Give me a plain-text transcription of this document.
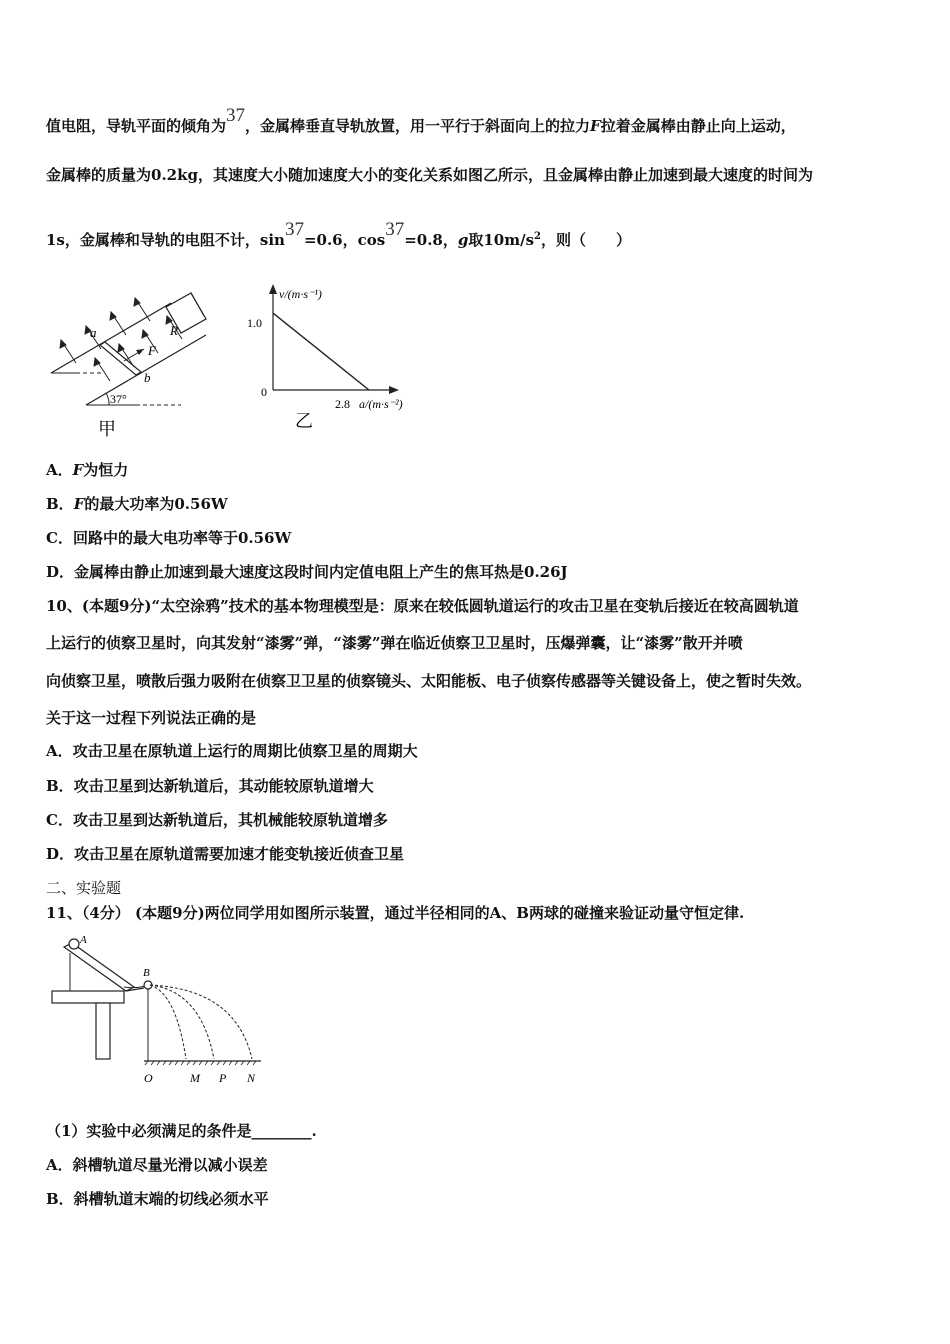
值电阻，导轨平面的倾角为37，金属棒垂直导轨放置，用一平行于斜面向上的拉力F拉着金属棒由静止向上运动，
金属棒的质量为0.2kg，其速度大小随加速度大小的变化关系如图乙所示，且金属棒由静止加速到最大速度的时间为
1s，金属棒和导轨的电阻不计，sin37=0.6，cos37=0.8，g取$10m/s^2$，则（　　）
a
b
R
F
37°
甲
v/(m·s⁻¹)
1.0
0
2.8 a/(m·s⁻²)
乙
A．F为恒力
B．F的最大功率为0.56W
C．回路中的最大电功率等于0.56W
D．金属棒由静止加速到最大速度这段时间内定值电阻上产生的焦耳热是0.26J
10、(本题9分)“太空涂鸦”技术的基本物理模型是：原来在较低圆轨道运行的攻击卫星在变轨后接近在较高圆轨道
上运行的侦察卫星时，向其发射“漆雾”弹，“漆雾”弹在临近侦察卫卫星时，压爆弹囊，让“漆雾”散开并喷
向侦察卫星，喷散后强力吸附在侦察卫卫星的侦察镜头、太阳能板、电子侦察传感器等关键设备上，使之暂时失效。
关于这一过程下列说法正确的是
A．攻击卫星在原轨道上运行的周期比侦察卫星的周期大
B．攻击卫星到达新轨道后，其动能较原轨道增大
C．攻击卫星到达新轨道后，其机械能较原轨道增多
D．攻击卫星在原轨道需要加速才能变轨接近侦查卫星
二、实验题
11、（4分） (本题9分)两位同学用如图所示装置，通过半径相同的A、B两球的碰撞来验证动量守恒定律.
A
B
O	M P N
（1）实验中必须满足的条件是________.
A．斜槽轨道尽量光滑以减小误差
B．斜槽轨道末端的切线必须水平
